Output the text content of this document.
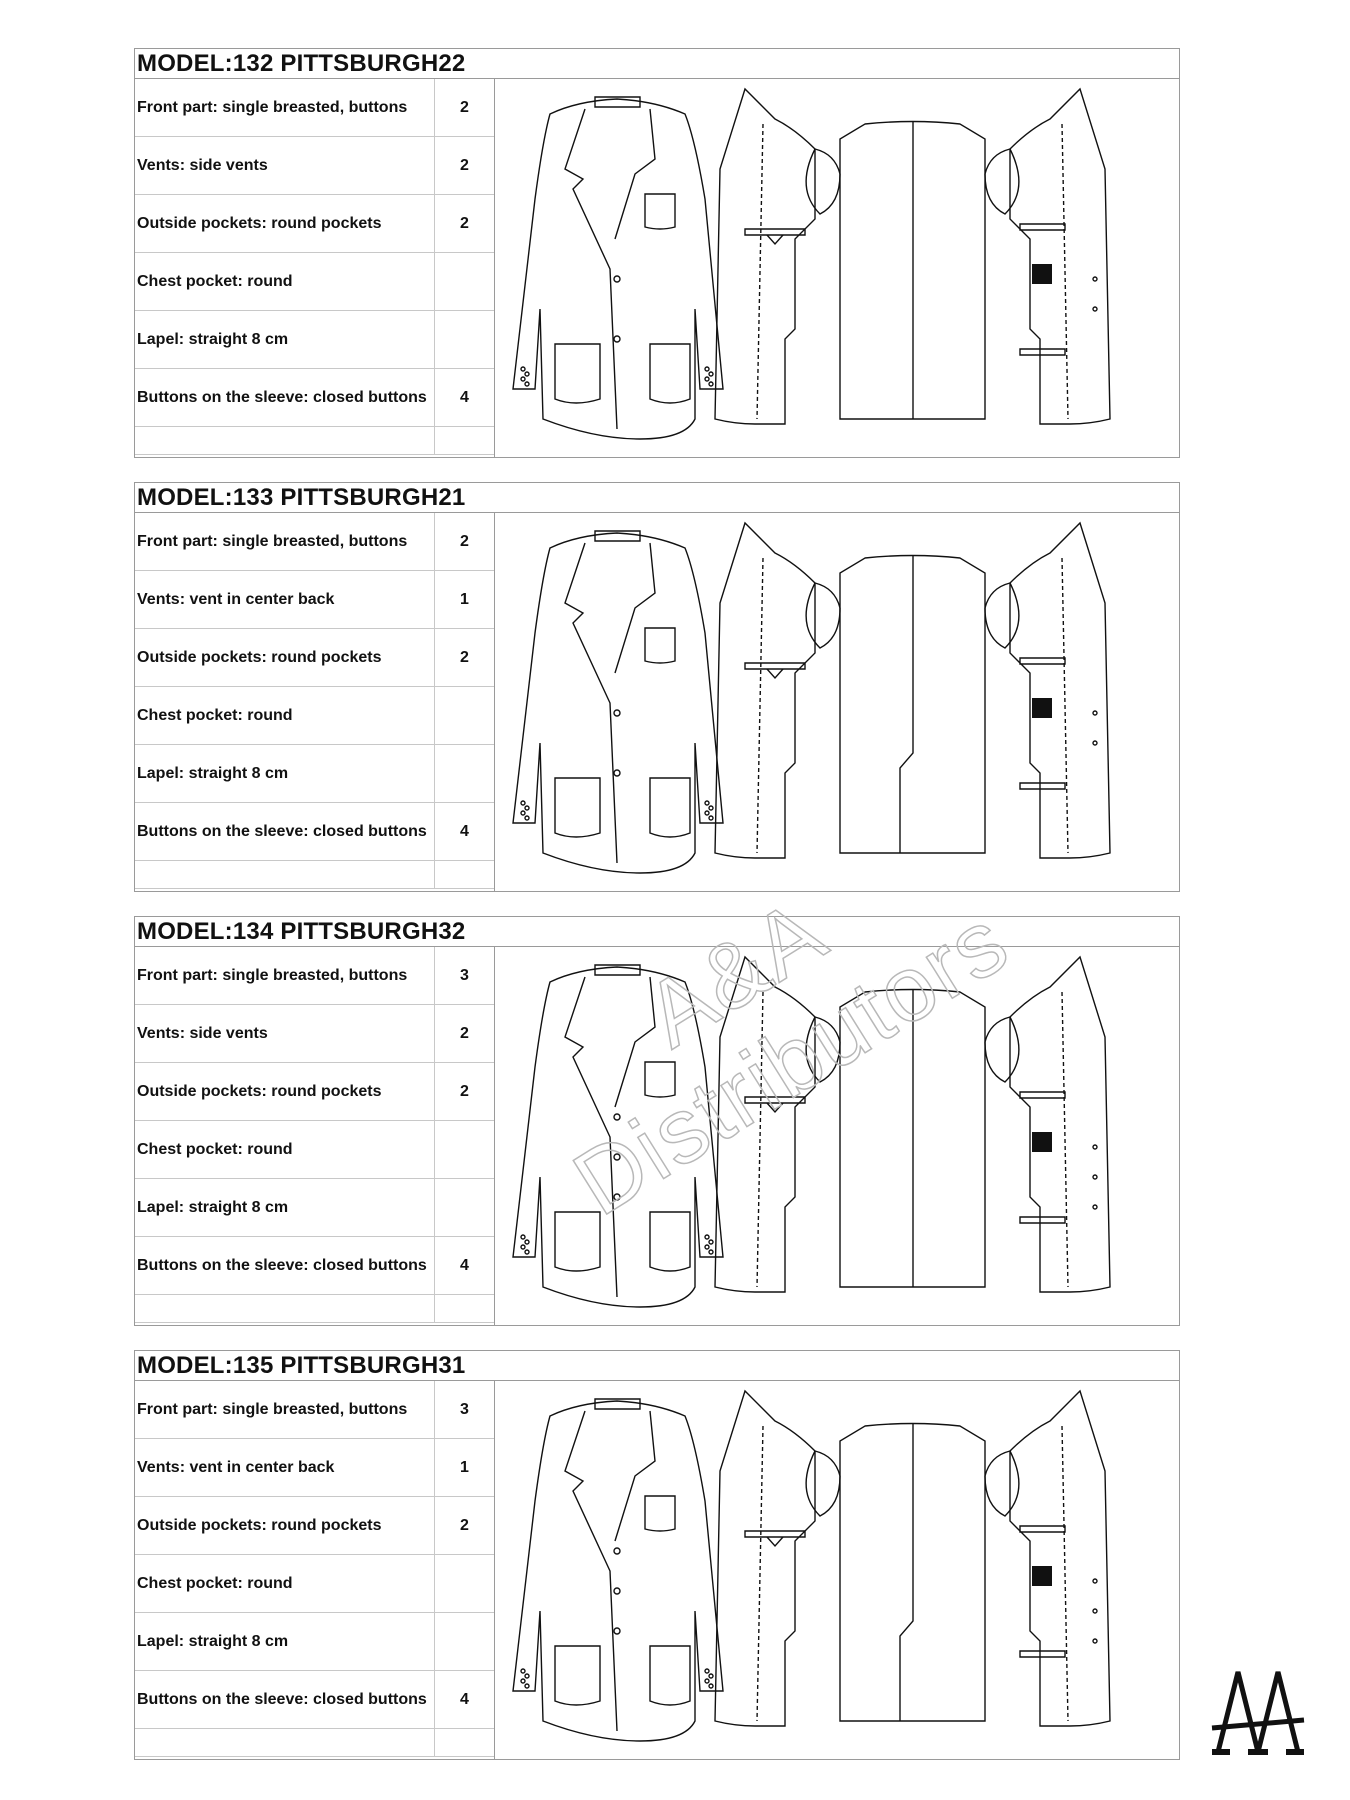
MODEL:132 PITTSBURGH22
Front part: single breasted, buttons	2
Vents: side vents	2
Outside pockets: round pockets	2
Chest pocket: round
Lapel: straight 8 cm
Buttons on the sleeve: closed buttons	4
MODEL:133 PITTSBURGH21
Front part: single breasted, buttons	2
Vents: vent in center back	1
Outside pockets: round pockets	2
Chest pocket: round
Lapel: straight 8 cm
Buttons on the sleeve: closed buttons	4
MODEL:134 PITTSBURGH32
Front part: single breasted, buttons	3
Vents: side vents	2
Outside pockets: round pockets	2
Chest pocket: round
Lapel: straight 8 cm
Buttons on the sleeve: closed buttons	4
MODEL:135 PITTSBURGH31
Front part: single breasted, buttons	3
Vents: vent in center back	1
Outside pockets: round pockets	2
Chest pocket: round
Lapel: straight 8 cm
Buttons on the sleeve: closed buttons	4
A&A Distributors
